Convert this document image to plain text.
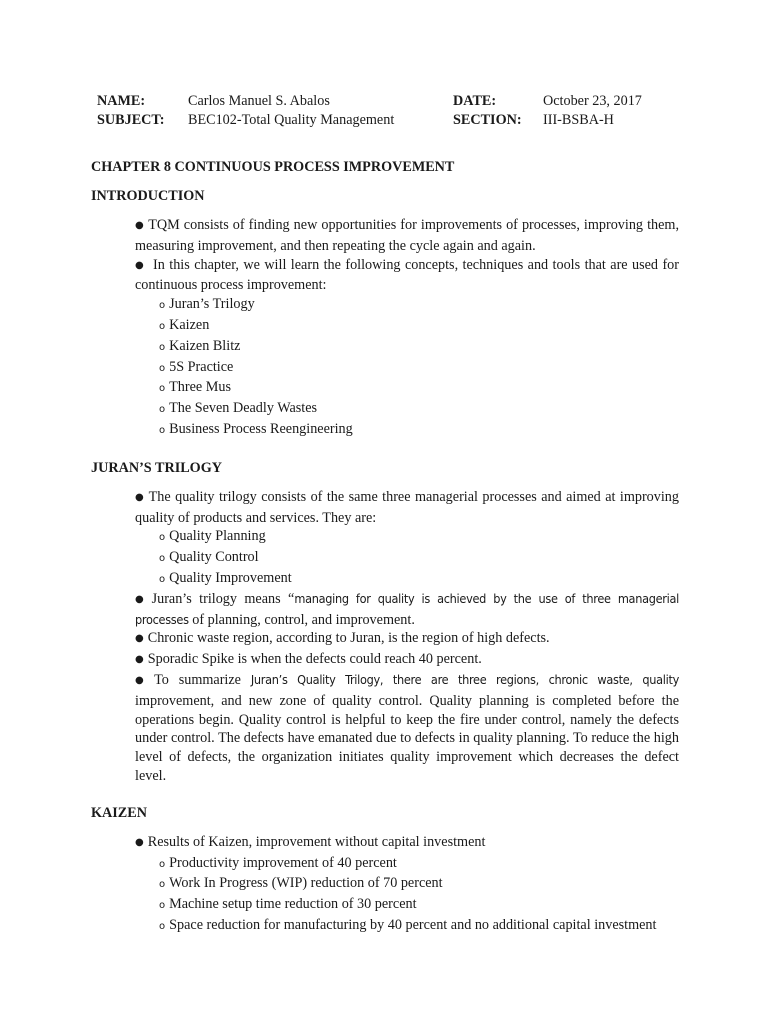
NAME:	Carlos Manuel S. Abalos	DATE:	October 23, 2017
SUBJECT: BEC102-Total Quality Management	SECTION: III-BSBA-H
CHAPTER 8 CONTINUOUS PROCESS IMPROVEMENT
INTRODUCTION

● TQM consists of finding new opportunities for improvements of processes, improving them, measuring improvement, and then repeating the cycle again and again.

● In this chapter, we will learn the following concepts, techniques and tools that are used for continuous process improvement:

o Juran’s Trilogy

o Kaizen

o Kaizen Blitz

o 5S Practice

o Three Mus

o The Seven Deadly Wastes

o Business Process Reengineering

JURAN’S TRILOGY

● The quality trilogy consists of the same three managerial processes and aimed at improving quality of products and services. They are:

o Quality Planning

o Quality Control

o Quality Improvement

● Juran’s trilogy means “managing for quality is achieved by the use of three managerial processes of planning, control, and improvement.

● Chronic waste region, according to Juran, is the region of high defects.

● Sporadic Spike is when the defects could reach 40 percent.

● To summarize Juran’s Quality Trilogy, there are three regions, chronic waste, quality improvement, and new zone of quality control. Quality planning is completed before the operations begin. Quality control is helpful to keep the fire under control, namely the defects under control. The defects have emanated due to defects in quality planning. To reduce the high level of defects, the organization initiates quality improvement which decreases the defect level.

KAIZEN

● Results of Kaizen, improvement without capital investment

o Productivity improvement of 40 percent

o Work In Progress (WIP) reduction of 70 percent

o Machine setup time reduction of 30 percent

o Space reduction for manufacturing by 40 percent and no additional capital investment
